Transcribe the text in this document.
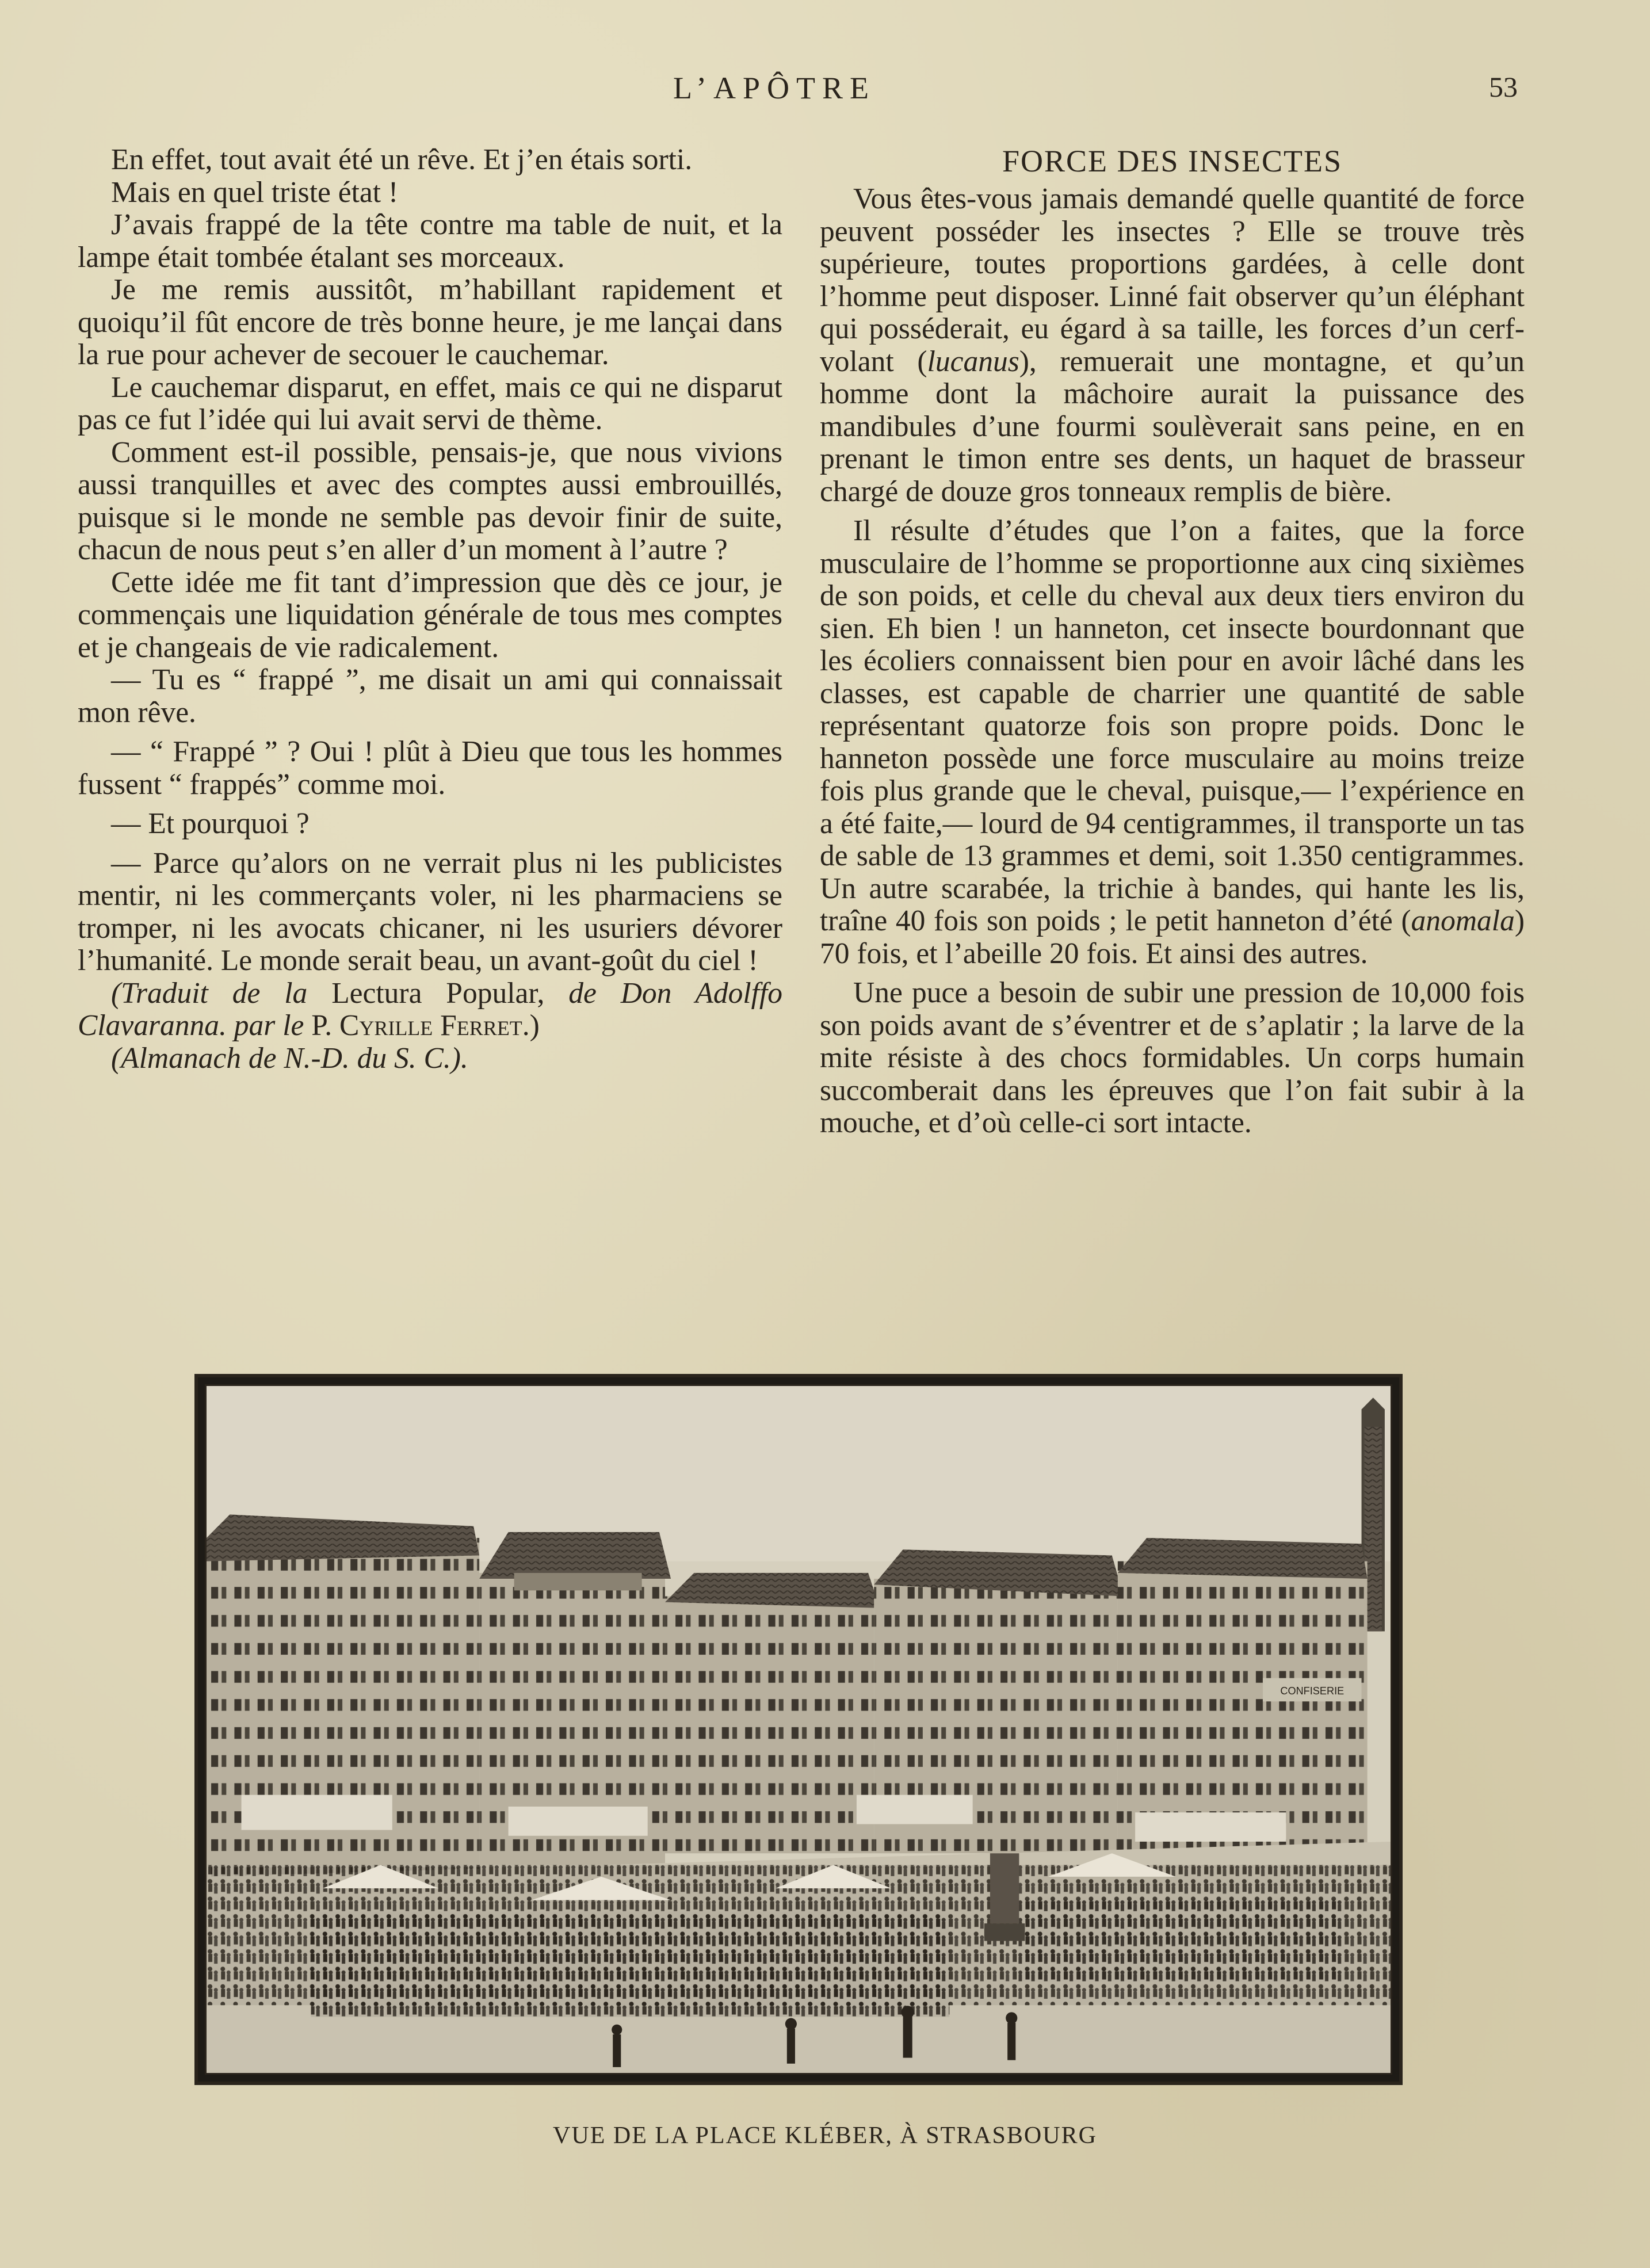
L’APÔTRE	53

En effet, tout avait été un rêve. Et j’en étais sorti.

Mais en quel triste état !

J’avais frappé de la tête contre ma table de nuit, et la lampe était tombée étalant ses morceaux.

Je me remis aussitôt, m’habillant rapidement et quoiqu’il fût encore de très bonne heure, je me lançai dans la rue pour achever de secouer le cauchemar.

Le cauchemar disparut, en effet, mais ce qui ne disparut pas ce fut l’idée qui lui avait servi de thème.

Comment est-il possible, pensais-je, que nous vivions aussi tranquilles et avec des comptes aussi embrouillés, puisque si le monde ne semble pas devoir finir de suite, chacun de nous peut s’en aller d’un moment à l’autre ?

Cette idée me fit tant d’impression que dès ce jour, je commençais une liquidation générale de tous mes comptes et je changeais de vie radicalement.

— Tu es “ frappé ”, me disait un ami qui connaissait mon rêve.

— “ Frappé ” ? Oui ! plût à Dieu que tous les hommes fussent “ frappés” comme moi.

— Et pourquoi ?

— Parce qu’alors on ne verrait plus ni les publicistes mentir, ni les commerçants voler, ni les pharmaciens se tromper, ni les avocats chicaner, ni les usuriers dévorer l’humanité. Le monde serait beau, un avant-goût du ciel !

(Traduit de la Lectura Popular, de Don Adolffo Clavaranna. par le P. Cyrille Ferret.)

(Almanach de N.-D. du S. C.).

FORCE DES INSECTES

Vous êtes-vous jamais demandé quelle quantité de force peuvent posséder les insectes ? Elle se trouve très supérieure, toutes proportions gardées, à celle dont l’homme peut disposer. Linné fait observer qu’un éléphant qui posséderait, eu égard à sa taille, les forces d’un cerf-volant (lucanus), remuerait une montagne, et qu’un homme dont la mâchoire aurait la puissance des mandibules d’une fourmi soulèverait sans peine, en en prenant le timon entre ses dents, un haquet de brasseur chargé de douze gros tonneaux remplis de bière.

Il résulte d’études que l’on a faites, que la force musculaire de l’homme se proportionne aux cinq sixièmes de son poids, et celle du cheval aux deux tiers environ du sien. Eh bien ! un hanneton, cet insecte bourdonnant que les écoliers connaissent bien pour en avoir lâché dans les classes, est capable de charrier une quantité de sable représentant quatorze fois son propre poids. Donc le hanneton possède une force musculaire au moins treize fois plus grande que le cheval, puisque,— l’expérience en a été faite,— lourd de 94 centigrammes, il transporte un tas de sable de 13 grammes et demi, soit 1.350 centigrammes. Un autre scarabée, la trichie à bandes, qui hante les lis, traîne 40 fois son poids ; le petit hanneton d’été (anomala) 70 fois, et l’abeille 20 fois. Et ainsi des autres.

Une puce a besoin de subir une pression de 10,000 fois son poids avant de s’éventrer et de s’aplatir ; la larve de la mite résiste à des chocs formidables. Un corps humain succomberait dans les épreuves que l’on fait subir à la mouche, et d’où celle-ci sort intacte.

CONFISERIE
VUE DE LA PLACE KLÉBER, À STRASBOURG
